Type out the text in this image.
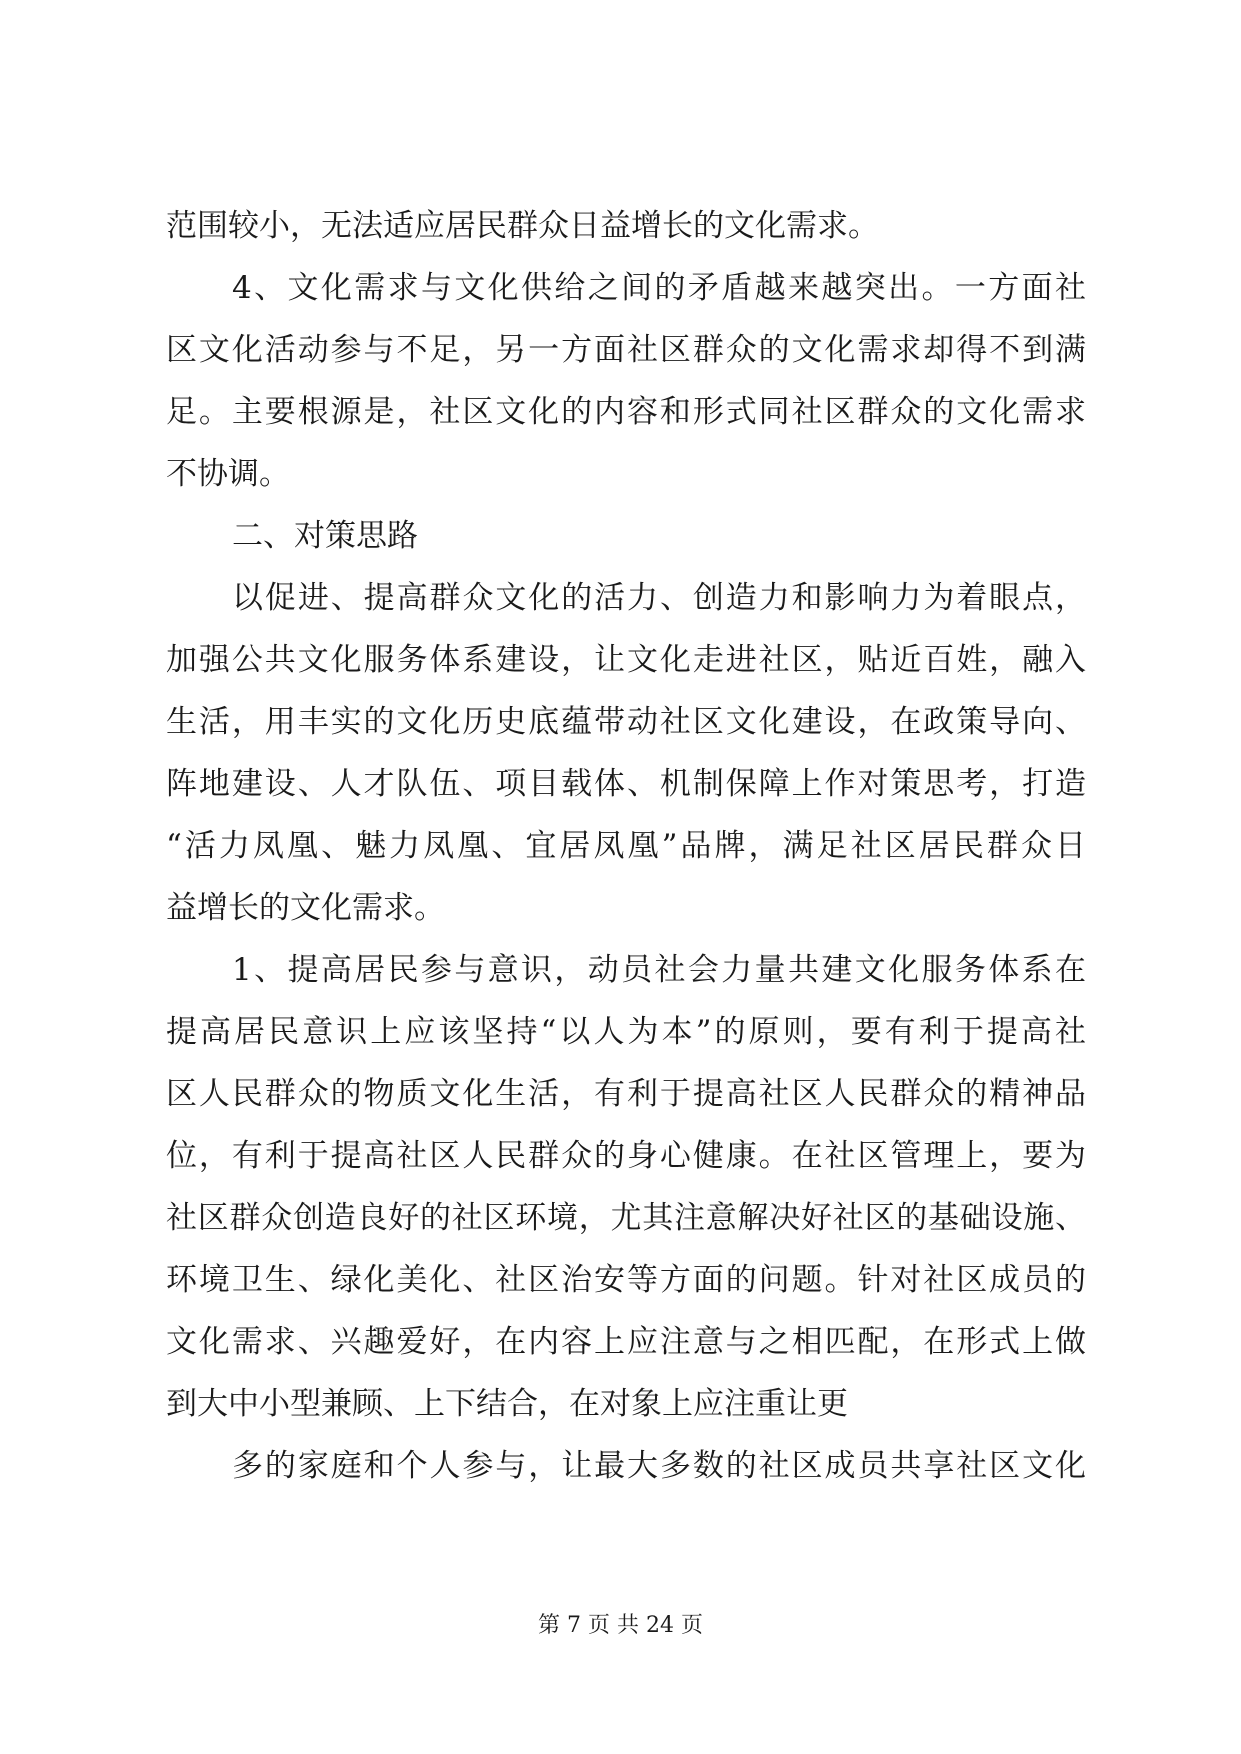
范围较小，无法适应居民群众日益增长的文化需求。
4、文化需求与文化供给之间的矛盾越来越突出。一方面社
区文化活动参与不足，另一方面社区群众的文化需求却得不到满
足。主要根源是，社区文化的内容和形式同社区群众的文化需求
不协调。
二、对策思路
以促进、提高群众文化的活力、创造力和影响力为着眼点，
加强公共文化服务体系建设，让文化走进社区，贴近百姓，融入
生活，用丰实的文化历史底蕴带动社区文化建设，在政策导向、
阵地建设、人才队伍、项目载体、机制保障上作对策思考，打造
“活力凤凰、魅力凤凰、宜居凤凰”品牌，满足社区居民群众日
益增长的文化需求。
1、提高居民参与意识，动员社会力量共建文化服务体系在
提高居民意识上应该坚持“以人为本”的原则，要有利于提高社
区人民群众的物质文化生活，有利于提高社区人民群众的精神品
位，有利于提高社区人民群众的身心健康。在社区管理上，要为
社区群众创造良好的社区环境，尤其注意解决好社区的基础设施、
环境卫生、绿化美化、社区治安等方面的问题。针对社区成员的
文化需求、兴趣爱好，在内容上应注意与之相匹配，在形式上做
到大中小型兼顾、上下结合，在对象上应注重让更
多的家庭和个人参与，让最大多数的社区成员共享社区文化
第 7 页 共 24 页
